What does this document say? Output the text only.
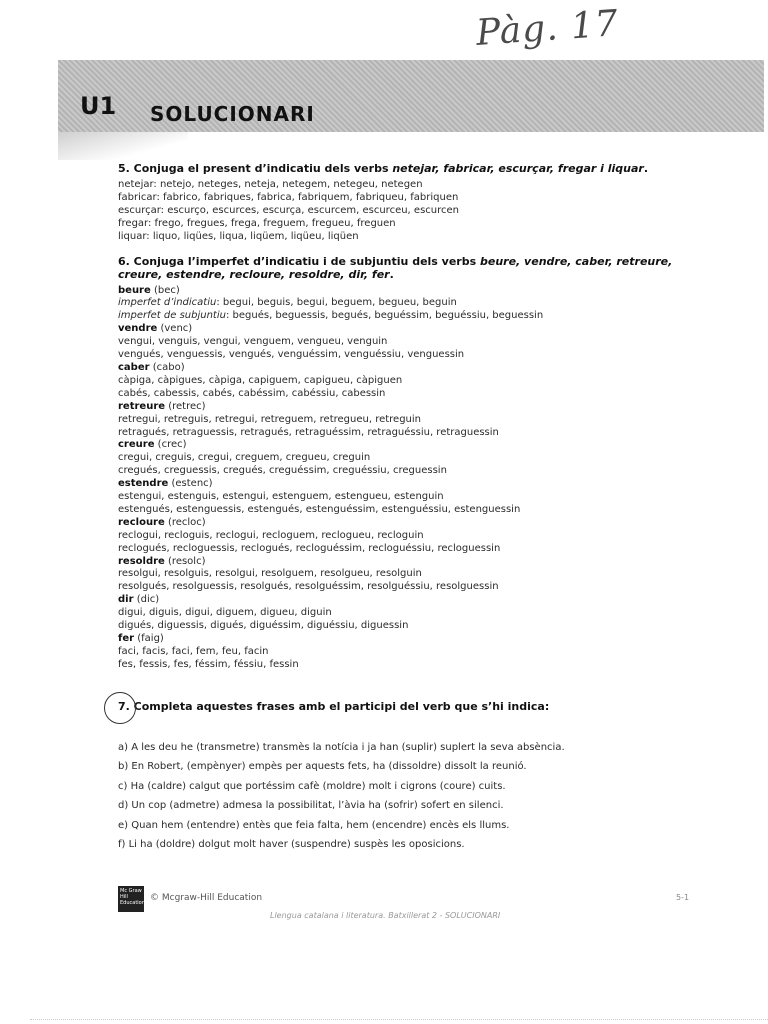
Pàg. 17
U1 SOLUCIONARI
5. Conjuga el present d’indicatiu dels verbs netejar, fabricar, escurçar, fregar i liquar.
netejar: netejo, neteges, neteja, netegem, netegeu, netegen
fabricar: fabrico, fabriques, fabrica, fabriquem, fabriqueu, fabriquen
escurçar: escurço, escurces, escurça, escurcem, escurceu, escurcen
fregar: frego, fregues, frega, freguem, fregueu, freguen
liquar: liquo, liqües, liqua, liqüem, liqüeu, liqüen
6. Conjuga l’imperfet d’indicatiu i de subjuntiu dels verbs beure, vendre, caber, retreure, creure, estendre, recloure, resoldre, dir, fer.
beure (bec)
imperfet d’indicatiu: begui, beguis, begui, beguem, begueu, beguin
imperfet de subjuntiu: begués, beguessis, begués, beguéssim, beguéssiu, beguessin
vendre (venc)
vengui, venguis, vengui, venguem, vengueu, venguin
vengués, venguessis, vengués, venguéssim, venguéssiu, venguessin
caber (cabo)
càpiga, càpigues, càpiga, capiguem, capigueu, càpiguen
cabés, cabessis, cabés, cabéssim, cabéssiu, cabessin
retreure (retrec)
retregui, retreguis, retregui, retreguem, retregueu, retreguin
retragués, retraguessis, retragués, retraguéssim, retraguéssiu, retraguessin
creure (crec)
cregui, creguis, cregui, creguem, cregueu, creguin
cregués, creguessis, cregués, creguéssim, creguéssiu, creguessin
estendre (estenc)
estengui, estenguis, estengui, estenguem, estengueu, estenguin
estengués, estenguessis, estengués, estenguéssim, estenguéssiu, estenguessin
recloure (recloc)
reclogui, recloguis, reclogui, recloguem, reclogueu, recloguin
reclogués, recloguessis, reclogués, recloguéssim, recloguéssiu, recloguessin
resoldre (resolc)
resolgui, resolguis, resolgui, resolguem, resolgueu, resolguin
resolgués, resolguessis, resolgués, resolguéssim, resolguéssiu, resolguessin
dir (dic)
digui, diguis, digui, diguem, digueu, diguin
digués, diguessis, digués, diguéssim, diguéssiu, diguessin
fer (faig)
faci, facis, faci, fem, feu, facin
fes, fessis, fes, féssim, féssiu, fessin
7. Completa aquestes frases amb el participi del verb que s’hi indica:
a) A les deu he (transmetre) transmès la notícia i ja han (suplir) suplert la seva absència.
b) En Robert, (empènyer) empès per aquests fets, ha (dissoldre) dissolt la reunió.
c) Ha (caldre) calgut que portéssim cafè (moldre) molt i cigrons (coure) cuits.
d) Un cop (admetre) admesa la possibilitat, l’àvia ha (sofrir) sofert en silenci.
e) Quan hem (entendre) entès que feia falta, hem (encendre) encès els llums.
f) Li ha (doldre) dolgut molt haver (suspendre) suspès les oposicions.
Mc Graw Hill Education © Mcgraw-Hill Education	5-1
Llengua catalana i literatura. Batxillerat 2 - SOLUCIONARI
